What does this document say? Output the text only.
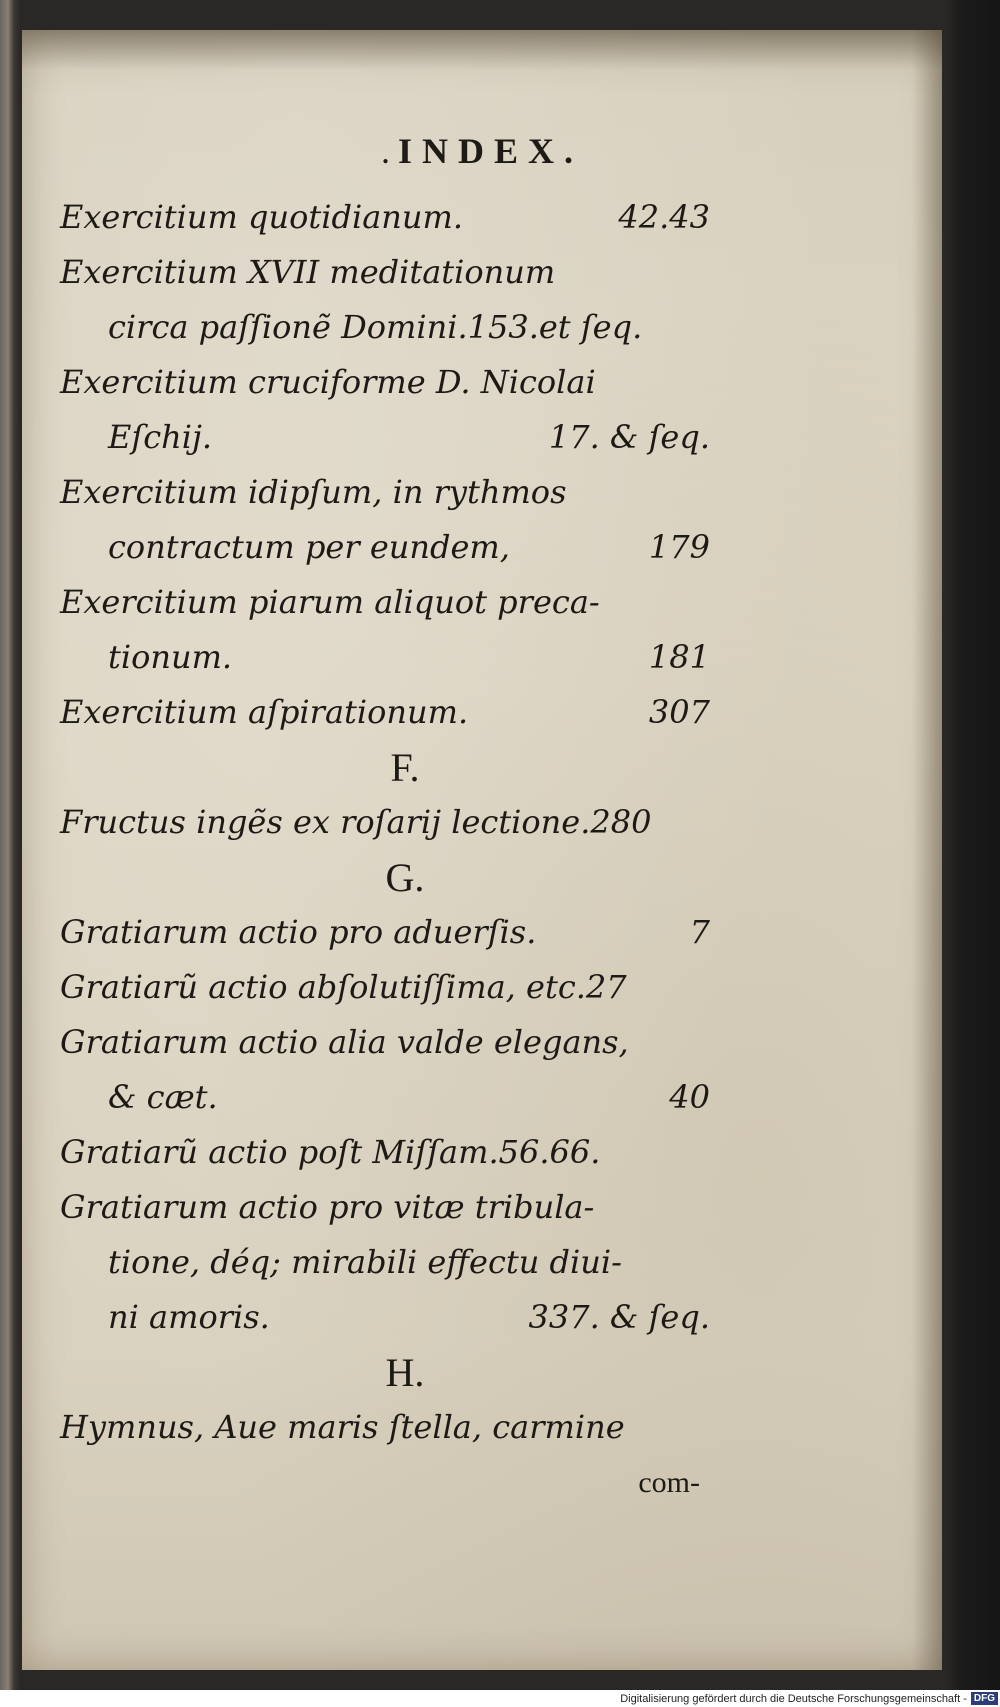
. INDEX.
Exercitium quotidianum.	42.43
Exercitium XVII meditationum
circa paſſionẽ Domini.153.et ſeq.
Exercitium cruciforme D. Nicolai
Eſchij.	17. & ſeq.
Exercitium idipſum, in rythmos
contractum per eundem,	179
Exercitium piarum aliquot preca-
tionum.	181
Exercitium aſpirationum.	307
F.
Fructus ingẽs ex roſarij lectione.280
G.
Gratiarum actio pro aduerſis.	7
Gratiarũ actio abſolutiſſima, etc.27
Gratiarum actio alia valde elegans,
& cæt.	40
Gratiarũ actio poſt Miſſam.56.66.
Gratiarum actio pro vitæ tribula-
tione, déq; mirabili effectu diui-
ni amoris.	337. & ſeq.
H.
Hymnus, Aue maris ſtella, carmine
com-
Digitalisierung gefördert durch die Deutsche Forschungsgemeinschaft - DFG
